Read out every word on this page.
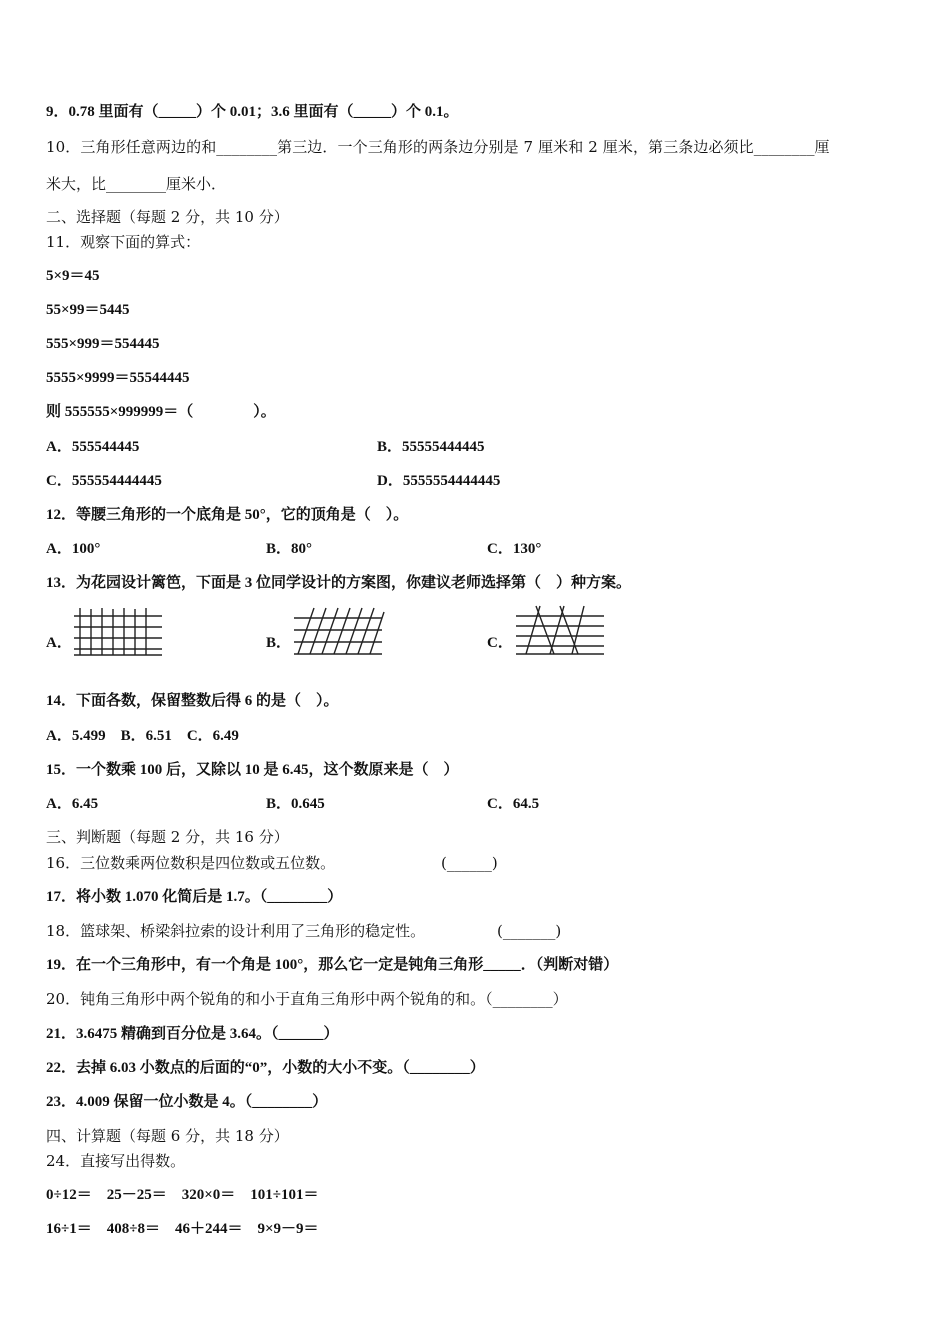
9．0.78 里面有（_____）个 0.01；3.6 里面有（_____）个 0.1。
10．三角形任意两边的和________第三边．一个三角形的两条边分别是 7 厘米和 2 厘米，第三条边必须比________厘
米大，比________厘米小．
二、选择题（每题 2 分，共 10 分）
11．观察下面的算式：
5×9＝45
55×99＝5445
555×999＝554445
5555×9999＝55544445
则 555555×999999＝（　　　　）。
A．555544445	B．55555444445
C．555554444445	D．5555554444445
12．等腰三角形的一个底角是 50°，它的顶角是（　）。
A．100°	B．80°	C．130°
13．为花园设计篱笆，下面是 3 位同学设计的方案图，你建议老师选择第（　）种方案。
A．	B．	C．
14．下面各数，保留整数后得 6 的是（　）。
A．5.499　B．6.51　C．6.49
15．一个数乘 100 后，又除以 10 是 6.45，这个数原来是（　）
A．6.45	B．0.645	C．64.5
三、判断题（每题 2 分，共 16 分）
16．三位数乘两位数积是四位数或五位数。	(______)
17．将小数 1.070 化简后是 1.7。（________）
18．篮球架、桥梁斜拉索的设计利用了三角形的稳定性。	(_______)
19．在一个三角形中，有一个角是 100°，那么它一定是钝角三角形_____．（判断对错）
20．钝角三角形中两个锐角的和小于直角三角形中两个锐角的和。（________）
21．3.6475 精确到百分位是 3.64。（______）
22．去掉 6.03 小数点的后面的“0”，小数的大小不变。（________）
23．4.009 保留一位小数是 4。（________）
四、计算题（每题 6 分，共 18 分）
24．直接写出得数。
0÷12＝　25－25＝　320×0＝　101÷101＝
16÷1＝　408÷8＝　46＋244＝　9×9－9＝
